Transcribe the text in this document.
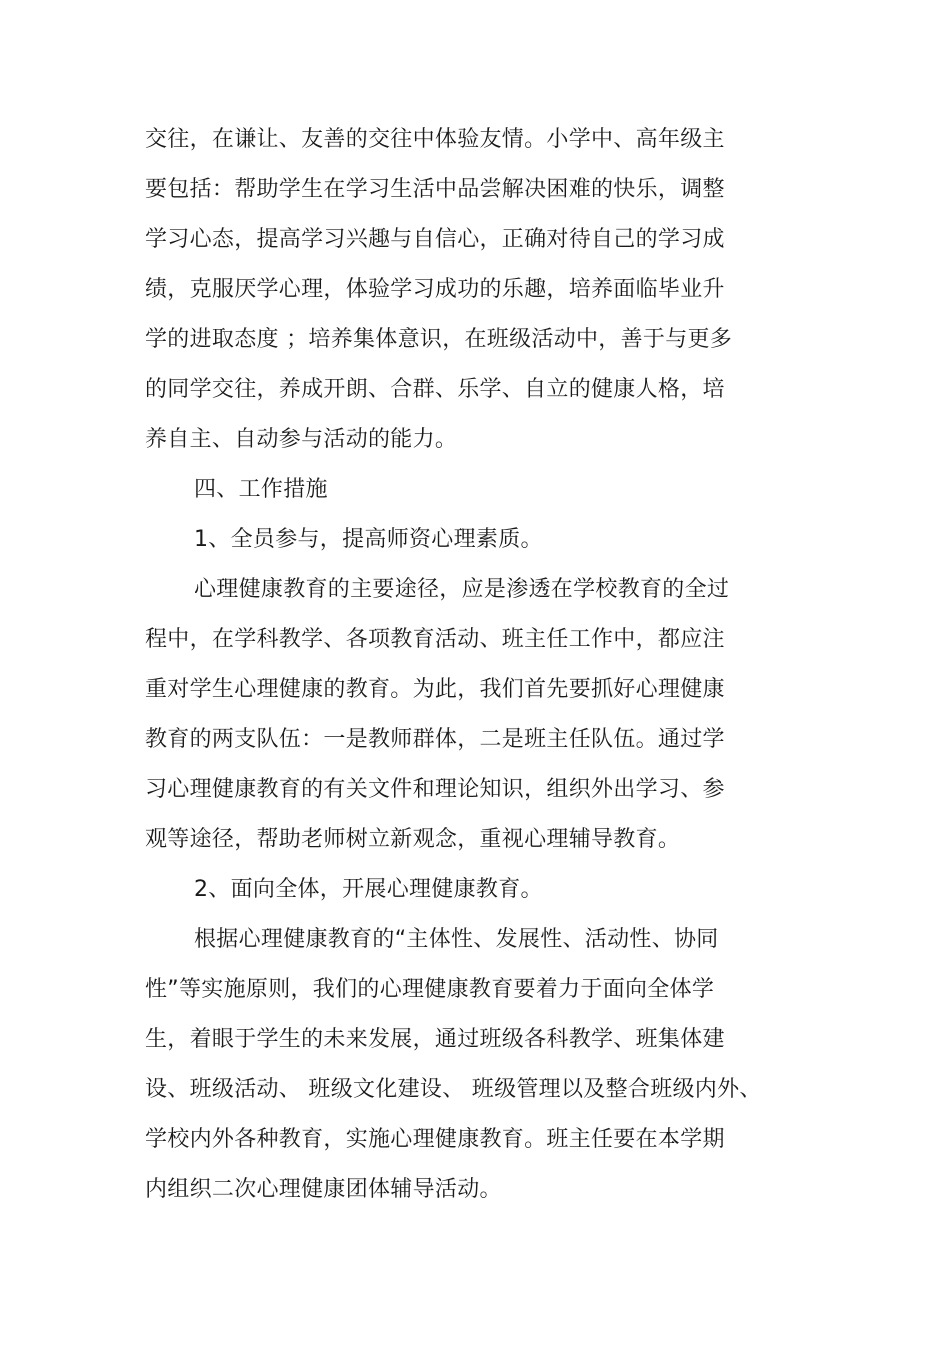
交往，在谦让、友善的交往中体验友情。小学中、高年级主
要包括：帮助学生在学习生活中品尝解决困难的快乐，调整
学习心态，提高学习兴趣与自信心，正确对待自己的学习成
绩，克服厌学心理，体验学习成功的乐趣，培养面临毕业升
学的进取态度 ；培养集体意识，在班级活动中，善于与更多
的同学交往，养成开朗、合群、乐学、自立的健康人格，培
养自主、自动参与活动的能力。
四、工作措施
1、全员参与，提高师资心理素质。
心理健康教育的主要途径，应是渗透在学校教育的全过
程中，在学科教学、各项教育活动、班主任工作中，都应注
重对学生心理健康的教育。为此，我们首先要抓好心理健康
教育的两支队伍：一是教师群体，二是班主任队伍。通过学
习心理健康教育的有关文件和理论知识，组织外出学习、参
观等途径，帮助老师树立新观念，重视心理辅导教育。
2、面向全体，开展心理健康教育。
根据心理健康教育的“主体性、发展性、活动性、协同
性”等实施原则，我们的心理健康教育要着力于面向全体学
生，着眼于学生的未来发展，通过班级各科教学、班集体建
设、班级活动、 班级文化建设、 班级管理以及整合班级内外、
学校内外各种教育，实施心理健康教育。班主任要在本学期
内组织二次心理健康团体辅导活动。
